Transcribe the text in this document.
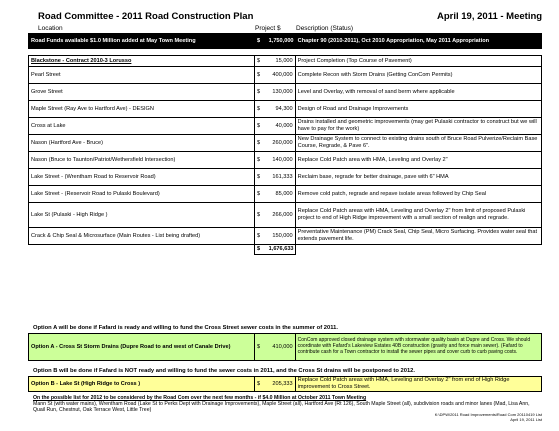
Road Committee - 2011 Road Construction Plan	April 19, 2011 - Meeting
Location	Project $ Description (Status)
Road Funds available $1.0 Million added at May Town Meeting	$	1,750,000	Chapter 90 (2010-2011), Oct 2010 Appropriation, May 2011 Appropriation

Blackstone - Contract 2010-3 Lorusso	$	15,000	Project Completion (Top Course of Pavement)
Pearl Street	$	400,000	Complete Recon with Storm Drains (Getting ConCom Permits)
Grove Street	$	130,000	Level and Overlay, with removal of sand berm where applicable
Maple Street (Ray Ave to Hartford Ave) - DESIGN	$	94,300	Design of Road and Drainage Improvements
Cross at Lake	$	40,000	Drains installed and geometric improvements (may get Pulaski contractor to construct but we will have to pay for the work)
Nason (Hartford Ave - Bruce)	$	260,000	New Drainage System to connect to existing drains south of Bruce Road Pulverize/Reclaim Base Course, Regrade, & Pave 6".
Nason (Bruce to Taunton/Patriot/Wethersfield Intersection)	$	140,000	Replace Cold Patch area with HMA, Leveling and Overlay 2"
Lake Street - (Wrentham Road to Reservoir Road)	$	161,333	Reclaim base, regrade for better drainage, pave with 6" HMA
Lake Street - (Reservoir Road to Pulaski Boulevard)	$	85,000	Remove cold patch, regrade and repave isolate areas followed by Chip Seal
Lake St (Pulaski - High Ridge )	$	266,000	Replace Cold Patch areas with HMA, Leveling and Overlay 2" from limit of proposed Pulaski project to end of High Ridge improvement with a small section of realign and regrade.
Crack & Chip Seal & Microsurface (Main Routes - List being drafted)	$	150,000	Preventative Maintenance (PM) Crack Seal, Chip Seal, Micro Surfacing. Provides water seal that extends pavement life.
	$	1,676,633	
Option A will be done if Fafard is ready and willing to fund the Cross Street sewer costs in the summer of 2011.
Option A - Cross St Storm Drains (Dupre Road to and west of Canale Drive)	$	410,000	ConCom approved closed drainage system with stormwater quality basin at Dupre and Cross. We should coordinate with Fafard's Lakeview Estates 40B construction (gravity and force main sewer). (Fafard to contribute cash for a Town contractor to install the sewer pipes and cover curb to curb paving costs.
Option B will be done if Fafard is NOT ready and willing to fund the sewer costs in 2011, and the Cross St drains will be postponed to 2012.
Option B - Lake St (High Ridge to Cross )	$	205,333	Replace Cold Patch areas with HMA, Leveling and Overlay 2" from end of High Ridge improvement to Cross Street.
On the possible list for 2012 to be considered by the Road Com over the next few months - if $4.0 Million at October 2011 Town Meeting
Mann St (with water mains), Wrentham Road (Lake St to Perks Dept with Drainage Improvements), Maple Street (all), Hartford Ave (Rt 126), South Maple Street (all), subdivision roads and minor lanes (Mad, Lisa Ann, Quail Run, Chestnut, Oak Terrace West, Little Tree)
K:\DPW\2011 Road Improvements\Road Com 20110419 List
April 19, 2011 List
